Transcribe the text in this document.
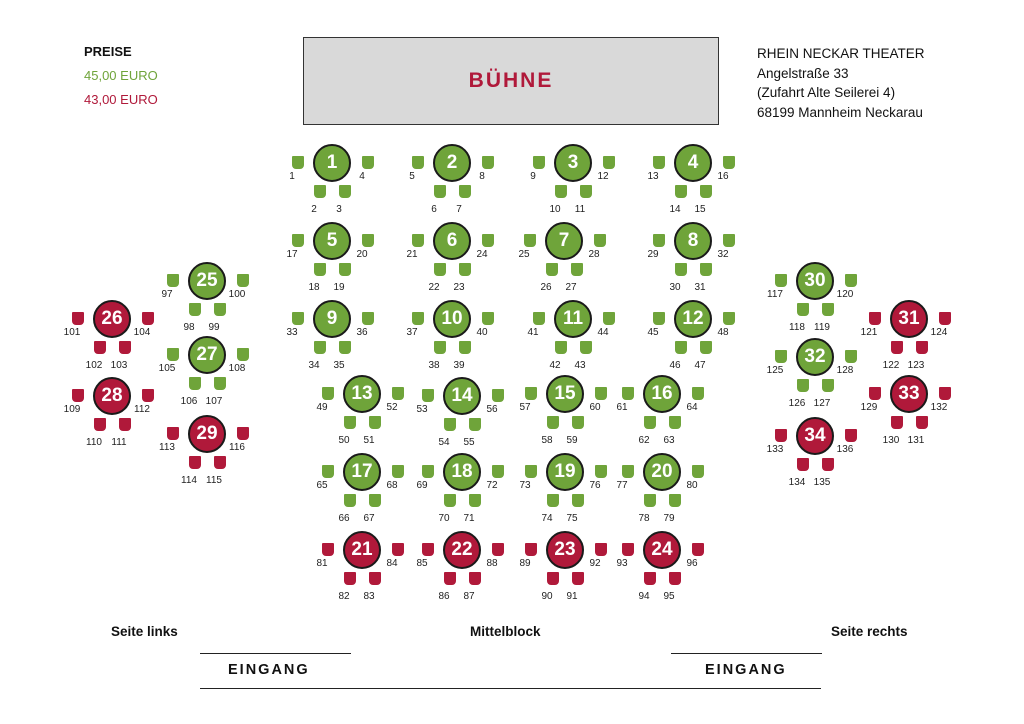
PREISE
45,00 EURO
43,00 EURO
BÜHNE
RHEIN NECKAR THEATER
Angelstraße 33
(Zufahrt Alte Seilerei 4)
68199 Mannheim Neckarau
1
1	4
2	3
2
5	8
6	7
3
9	12
10	11
4
13	16
14	15
5
17	20
18	19
6
21	24
22	23
7
25	28
26	27
8
29	32
30	31
9
33	36
34	35
10
37	40
38	39
11
41	44
42	43
12
45	48
46	47
13
49	52
50	51
14
53	56
54	55
15
57	60
58	59
16
61	64
62	63
17
65	68
66	67
18
69	72
70	71
19
73	76
74	75
20
77	80
78	79
21
81	84
82	83
22
85	88
86	87
23
89	92
90	91
24
93	96
94	95
25
97	100
98	99
26
101	104
102 103
27
105	108
106 107
28
109	112
110 111	29
113	116
114 115
30
117	120
118 119	31
121	124
122 123
32
125	128
126 127	33
129	132
130 131
34
133	136
134 135
Seite links	Mittelblock	Seite rechts
EINGANG	EINGANG
